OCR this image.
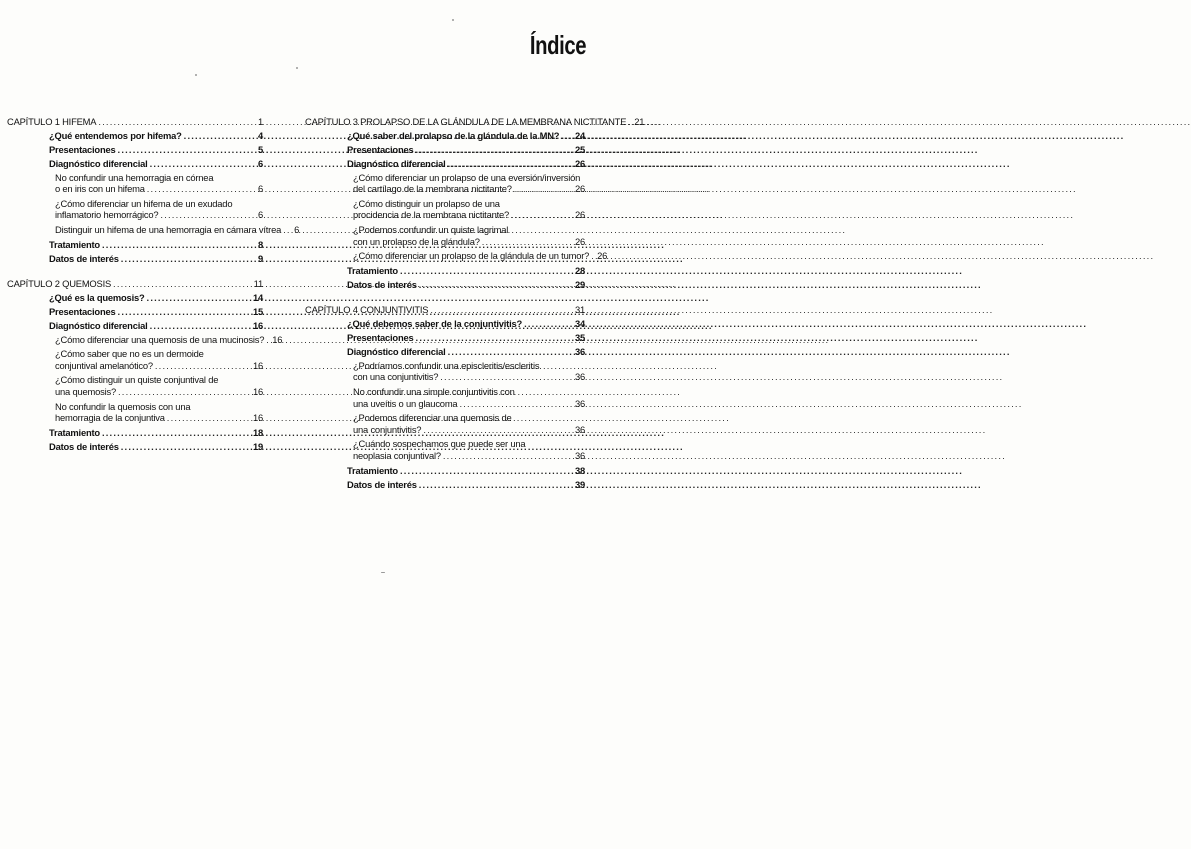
Índice
CAPÍTULO 1 HIFEMA .....	1
¿Qué entendemos por hifema? .....	4
Presentaciones .....	5
Diagnóstico diferencial .....	6
No confundir una hemorragia en córnea
o en iris con un hifema .....	6
¿Cómo diferenciar un hifema de un exudado
inflamatorio hemorrágico? .....	6
Distinguir un hifema de una hemorragia en cámara vítrea .....	6
Tratamiento .....	8
Datos de interés .....	9
CAPÍTULO 2 QUEMOSIS .....	11
¿Qué es la quemosis? .....	14
Presentaciones .....	15
Diagnóstico diferencial .....	16
¿Cómo diferenciar una quemosis de una mucinosis? ..... 16
¿Cómo saber que no es un dermoide
conjuntival amelanótico? .....	16
¿Cómo distinguir un quiste conjuntival de
una quemosis? .....	16
No confundir la quemosis con una
hemorragia de la conjuntiva .....	16
Tratamiento .....	18
Datos de interés .....	19
CAPÍTULO 3 PROLAPSO DE LA GLÁNDULA DE LA MEMBRANA NICTITANTE ..... 21
¿Qué saber del prolapso de la glándula de la MN? ..... 24
Presentaciones .....	25
Diagnóstico diferencial .....	26
¿Cómo diferenciar un prolapso de una eversión/inversión
del cartílago de la membrana nictitante? .....	26
¿Cómo distinguir un prolapso de una
procidencia de la membrana nictitante? .....	26
¿Podemos confundir un quiste lagrimal
con un prolapso de la glándula? .....	26
¿Cómo diferenciar un prolapso de la glándula de un tumor? ..... 26
Tratamiento .....	28
Datos de interés .....	29
CAPÍTULO 4 CONJUNTIVITIS .....	31
¿Qué debemos saber de la conjuntivitis? .....	34
Presentaciones .....	35
Diagnóstico diferencial .....	36
¿Podríamos confundir una episcleritis/escleritis
con una conjuntivitis? .....	36
No confundir una simple conjuntivitis con
una uveítis o un glaucoma .....	36
¿Podemos diferenciar una quemosis de
una conjuntivitis? .....	36
¿Cuándo sospechamos que puede ser una
neoplasia conjuntival? .....	36
Tratamiento .....	38
Datos de interés .....	39
